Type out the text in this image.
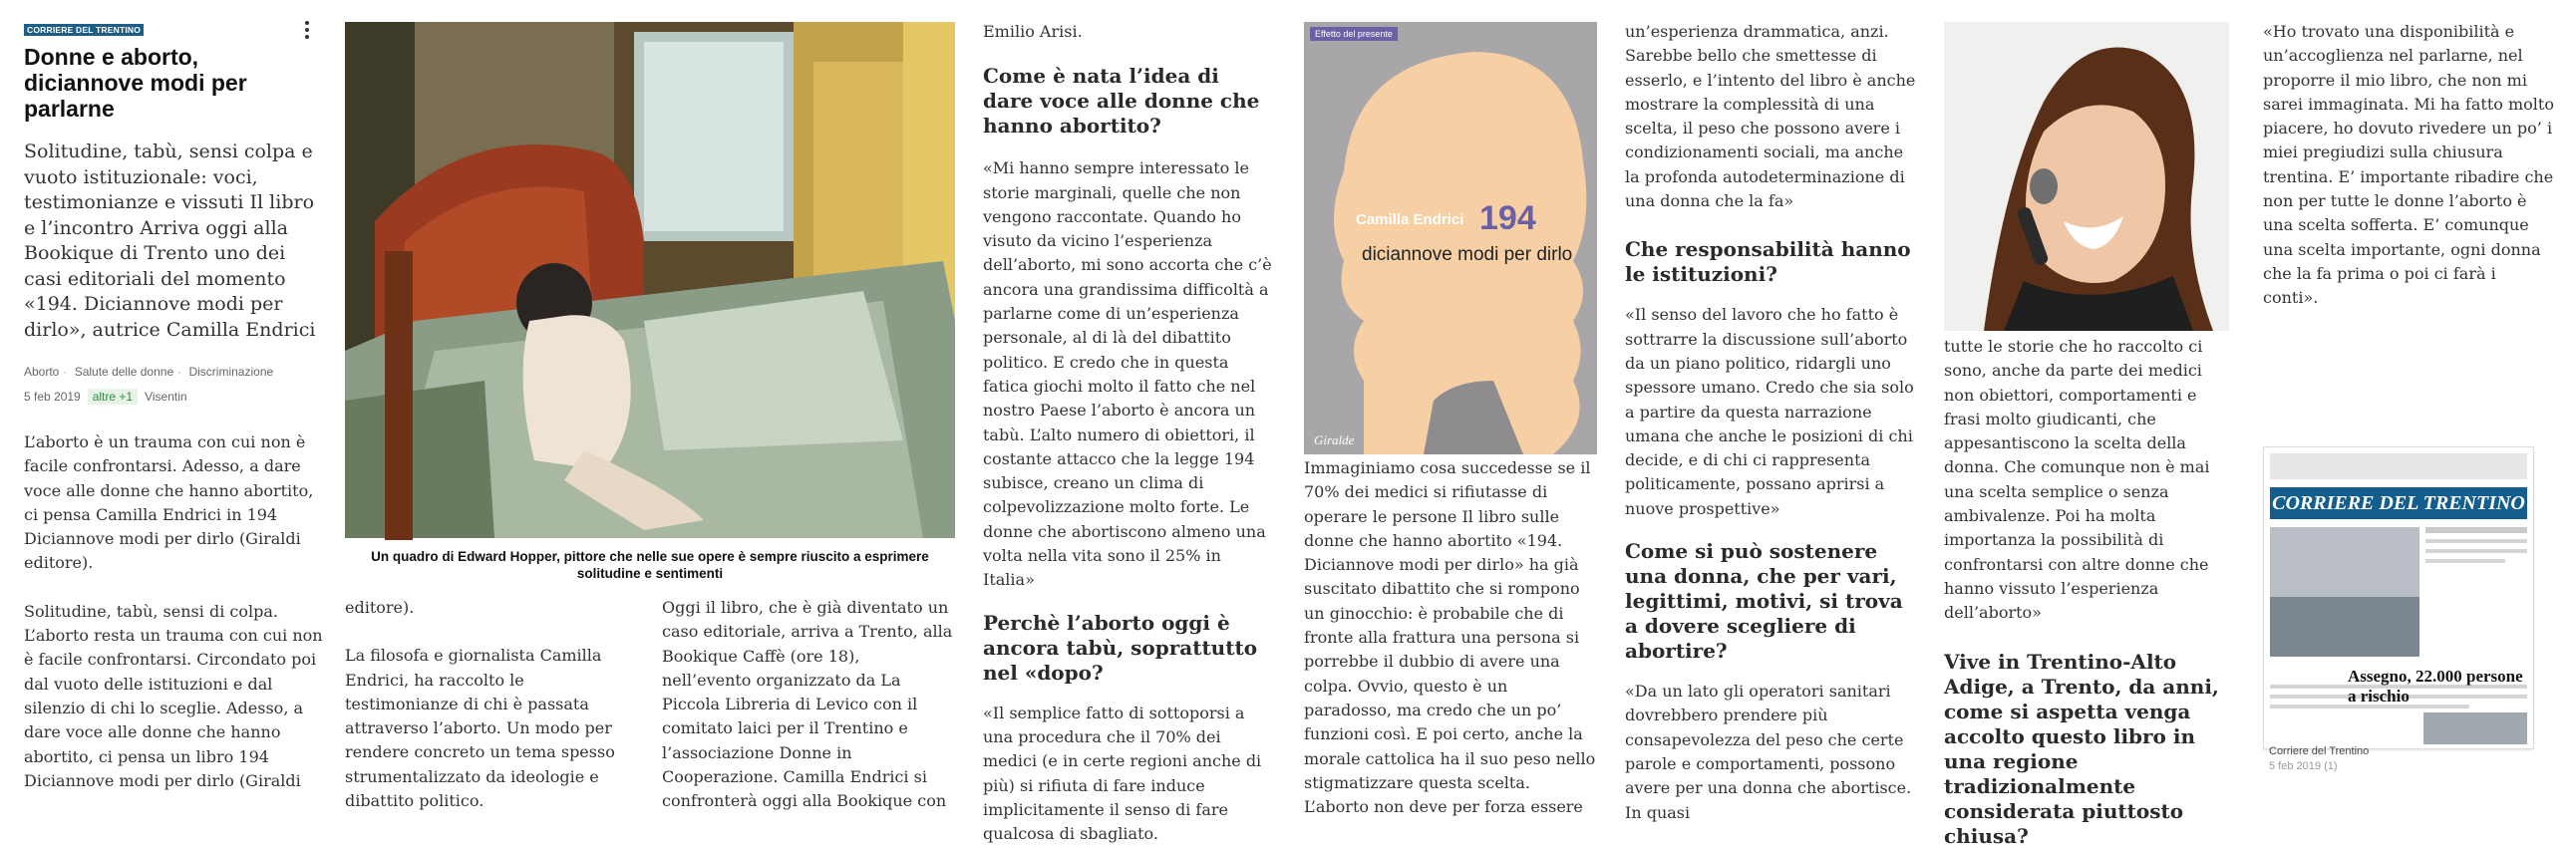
CORRIERE DEL TRENTINO
Donne e aborto, diciannove modi per parlarne
Solitudine, tabù, sensi colpa e vuoto istituzionale: voci, testimonianze e vissuti Il libro e l’incontro Arriva oggi alla Bookique di Trento uno dei casi editoriali del momento «194. Diciannove modi per dirlo», autrice Camilla Endrici
Aborto · Salute delle donne · Discriminazione
5 feb 2019	altre +1	Visentin

L’aborto è un trauma con cui non è facile confrontarsi. Adesso, a dare voce alle donne che hanno abortito, ci pensa Camilla Endrici in 194 Diciannove modi per dirlo (Giraldi editore).

Solitudine, tabù, sensi di colpa. L’aborto resta un trauma con cui non è facile confrontarsi. Circondato poi dal vuoto delle istituzioni e dal silenzio di chi lo sceglie. Adesso, a dare voce alle donne che hanno abortito, ci pensa un libro 194 Diciannove modi per dirlo (Giraldi

Un quadro di Edward Hopper, pittore che nelle sue opere è sempre riuscito a esprimere solitudine e sentimenti

editore).

La filosofa e giornalista Camilla Endrici, ha raccolto le testimonianze di chi è passata attraverso l’aborto. Un modo per rendere concreto un tema spesso strumentalizzato da ideologie e dibattito politico.

Oggi il libro, che è già diventato un caso editoriale, arriva a Trento, alla Bookique Caffè (ore 18), nell’evento organizzato da La Piccola Libreria di Levico con il comitato laici per il Trentino e l’associazione Donne in Cooperazione. Camilla Endrici si confronterà oggi alla Bookique con

Emilio Arisi.

Come è nata l’idea di dare voce alle donne che hanno abortito?

«Mi hanno sempre interessato le storie marginali, quelle che non vengono raccontate. Quando ho visuto da vicino l’esperienza dell’aborto, mi sono accorta che c’è ancora una grandissima difficoltà a parlarne come di un’esperienza personale, al di là del dibattito politico. E credo che in questa fatica giochi molto il fatto che nel nostro Paese l’aborto è ancora un tabù. L’alto numero di obiettori, il costante attacco che la legge 194 subisce, creano un clima di colpevolizzazione molto forte. Le donne che abortiscono almeno una volta nella vita sono il 25% in Italia»

Perchè l’aborto oggi è ancora tabù, soprattutto nel «dopo?

«Il semplice fatto di sottoporsi a una procedura che il 70% dei medici (e in certe regioni anche di più) si rifiuta di fare induce implicitamente il senso di fare qualcosa di sbagliato.

Effetto del presente
Camilla Endrici 194
diciannove modi per dirlo
Giralde

Immaginiamo cosa succedesse se il 70% dei medici si rifiutasse di operare le persone Il libro sulle donne che hanno abortito «194. Diciannove modi per dirlo» ha già suscitato dibattito che si rompono un ginocchio: è probabile che di fronte alla frattura una persona si porrebbe il dubbio di avere una colpa. Ovvio, questo è un paradosso, ma credo che un po’ funzioni così. E poi certo, anche la morale cattolica ha il suo peso nello stigmatizzare questa scelta. L’aborto non deve per forza essere

un’esperienza drammatica, anzi. Sarebbe bello che smettesse di esserlo, e l’intento del libro è anche mostrare la complessità di una scelta, il peso che possono avere i condizionamenti sociali, ma anche la profonda autodeterminazione di una donna che la fa»

Che responsabilità hanno le istituzioni?

«Il senso del lavoro che ho fatto è sottrarre la discussione sull’aborto da un piano politico, ridargli uno spessore umano. Credo che sia solo a partire da questa narrazione umana che anche le posizioni di chi decide, e di chi ci rappresenta politicamente, possano aprirsi a nuove prospettive»

Come si può sostenere una donna, che per vari, legittimi, motivi, si trova a dovere scegliere di abortire?

«Da un lato gli operatori sanitari dovrebbero prendere più consapevolezza del peso che certe parole e comportamenti, possono avere per una donna che abortisce. In quasi

tutte le storie che ho raccolto ci sono, anche da parte dei medici non obiettori, comportamenti e frasi molto giudicanti, che appesantiscono la scelta della donna. Che comunque non è mai una scelta semplice o senza ambivalenze. Poi ha molta importanza la possibilità di confrontarsi con altre donne che hanno vissuto l’esperienza dell’aborto»

Vive in Trentino-Alto Adige, a Trento, da anni, come si aspetta venga accolto questo libro in una regione tradizionalmente considerata piuttosto chiusa?

«Ho trovato una disponibilità e un’accoglienza nel parlarne, nel proporre il mio libro, che non mi sarei immaginata. Mi ha fatto molto piacere, ho dovuto rivedere un po’ i miei pregiudizi sulla chiusura trentina. E’ importante ribadire che non per tutte le donne l’aborto è una scelta sofferta. E’ comunque una scelta importante, ogni donna che la fa prima o poi ci farà i conti».

CORRIERE DEL TRENTINO
Assegno, 22.000 persone a rischio
Corriere del Trentino
5 feb 2019 (1)
